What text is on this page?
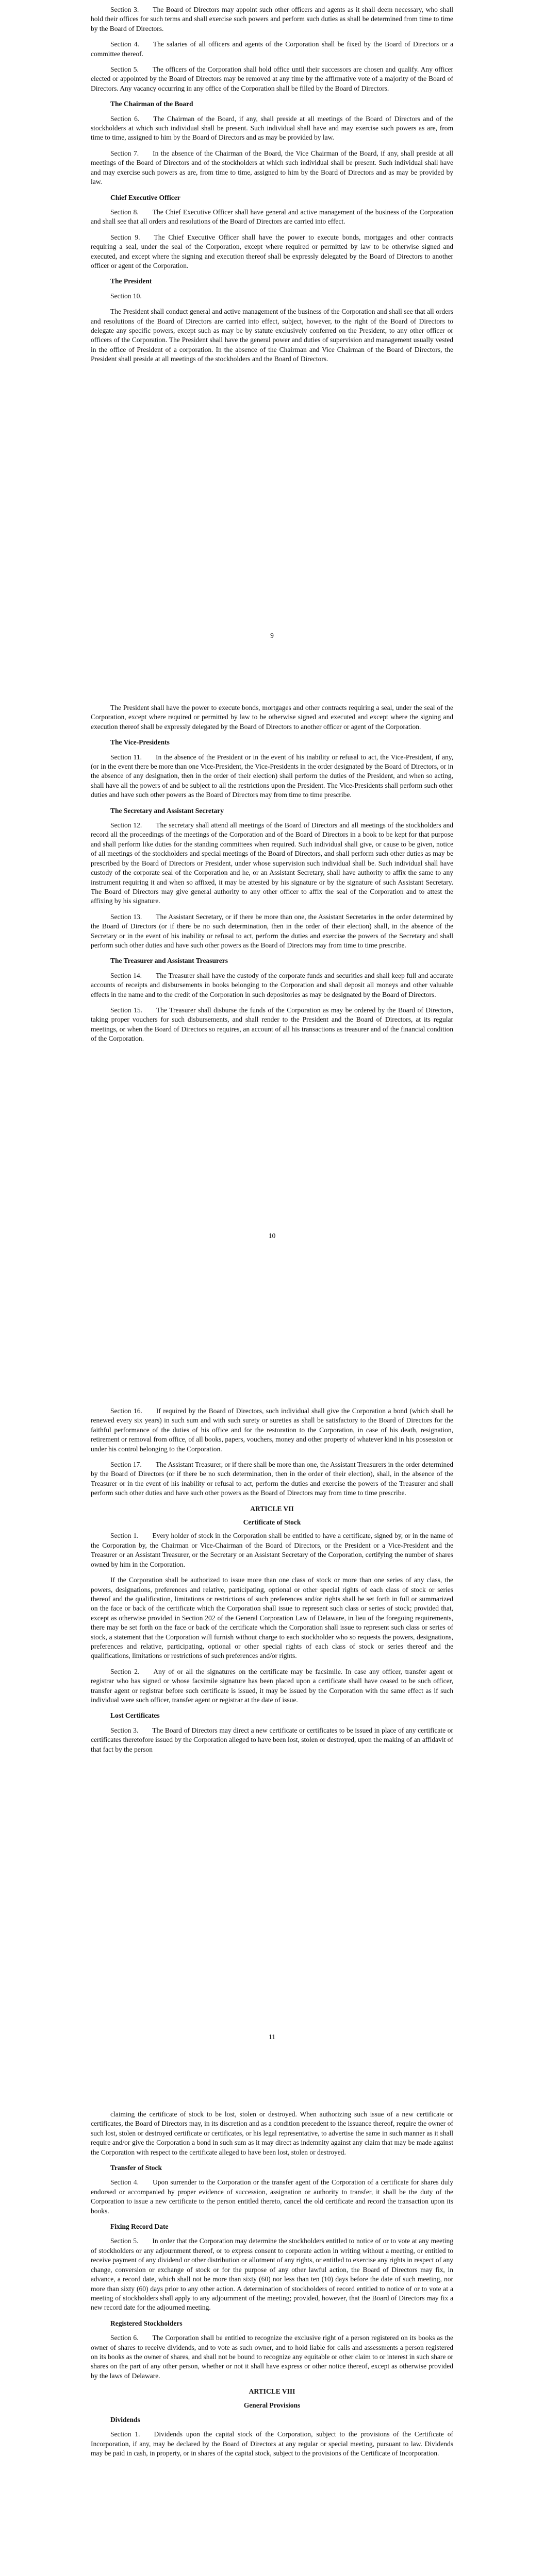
Section 3.  The Board of Directors may appoint such other officers and agents as it shall deem necessary, who shall hold their offices for such terms and shall exercise such powers and perform such duties as shall be determined from time to time by the Board of Directors.

Section 4.  The salaries of all officers and agents of the Corporation shall be fixed by the Board of Directors or a committee thereof.

Section 5.  The officers of the Corporation shall hold office until their successors are chosen and qualify. Any officer elected or appointed by the Board of Directors may be removed at any time by the affirmative vote of a majority of the Board of Directors. Any vacancy occurring in any office of the Corporation shall be filled by the Board of Directors.

The Chairman of the Board

Section 6.  The Chairman of the Board, if any, shall preside at all meetings of the Board of Directors and of the stockholders at which such individual shall be present. Such individual shall have and may exercise such powers as are, from time to time, assigned to him by the Board of Directors and as may be provided by law.

Section 7.  In the absence of the Chairman of the Board, the Vice Chairman of the Board, if any, shall preside at all meetings of the Board of Directors and of the stockholders at which such individual shall be present. Such individual shall have and may exercise such powers as are, from time to time, assigned to him by the Board of Directors and as may be provided by law.

Chief Executive Officer

Section 8.  The Chief Executive Officer shall have general and active management of the business of the Corporation and shall see that all orders and resolutions of the Board of Directors are carried into effect.

Section 9.  The Chief Executive Officer shall have the power to execute bonds, mortgages and other contracts requiring a seal, under the seal of the Corporation, except where required or permitted by law to be otherwise signed and executed, and except where the signing and execution thereof shall be expressly delegated by the Board of Directors to another officer or agent of the Corporation.

The President

Section 10.

The President shall conduct general and active management of the business of the Corporation and shall see that all orders and resolutions of the Board of Directors are carried into effect, subject, however, to the right of the Board of Directors to delegate any specific powers, except such as may be by statute exclusively conferred on the President, to any other officer or officers of the Corporation. The President shall have the general power and duties of supervision and management usually vested in the office of President of a corporation. In the absence of the Chairman and Vice Chairman of the Board of Directors, the President shall preside at all meetings of the stockholders and the Board of Directors.

9

The President shall have the power to execute bonds, mortgages and other contracts requiring a seal, under the seal of the Corporation, except where required or permitted by law to be otherwise signed and executed and except where the signing and execution thereof shall be expressly delegated by the Board of Directors to another officer or agent of the Corporation.

The Vice-Presidents

Section 11.  In the absence of the President or in the event of his inability or refusal to act, the Vice-President, if any, (or in the event there be more than one Vice-President, the Vice-Presidents in the order designated by the Board of Directors, or in the absence of any designation, then in the order of their election) shall perform the duties of the President, and when so acting, shall have all the powers of and be subject to all the restrictions upon the President. The Vice-Presidents shall perform such other duties and have such other powers as the Board of Directors may from time to time prescribe.

The Secretary and Assistant Secretary

Section 12.  The secretary shall attend all meetings of the Board of Directors and all meetings of the stockholders and record all the proceedings of the meetings of the Corporation and of the Board of Directors in a book to be kept for that purpose and shall perform like duties for the standing committees when required. Such individual shall give, or cause to be given, notice of all meetings of the stockholders and special meetings of the Board of Directors, and shall perform such other duties as may be prescribed by the Board of Directors or President, under whose supervision such individual shall be. Such individual shall have custody of the corporate seal of the Corporation and he, or an Assistant Secretary, shall have authority to affix the same to any instrument requiring it and when so affixed, it may be attested by his signature or by the signature of such Assistant Secretary. The Board of Directors may give general authority to any other officer to affix the seal of the Corporation and to attest the affixing by his signature.

Section 13.  The Assistant Secretary, or if there be more than one, the Assistant Secretaries in the order determined by the Board of Directors (or if there be no such determination, then in the order of their election) shall, in the absence of the Secretary or in the event of his inability or refusal to act, perform the duties and exercise the powers of the Secretary and shall perform such other duties and have such other powers as the Board of Directors may from time to time prescribe.

The Treasurer and Assistant Treasurers

Section 14.  The Treasurer shall have the custody of the corporate funds and securities and shall keep full and accurate accounts of receipts and disbursements in books belonging to the Corporation and shall deposit all moneys and other valuable effects in the name and to the credit of the Corporation in such depositories as may be designated by the Board of Directors.

Section 15.  The Treasurer shall disburse the funds of the Corporation as may be ordered by the Board of Directors, taking proper vouchers for such disbursements, and shall render to the President and the Board of Directors, at its regular meetings, or when the Board of Directors so requires, an account of all his transactions as treasurer and of the financial condition of the Corporation.

10

Section 16.  If required by the Board of Directors, such individual shall give the Corporation a bond (which shall be renewed every six years) in such sum and with such surety or sureties as shall be satisfactory to the Board of Directors for the faithful performance of the duties of his office and for the restoration to the Corporation, in case of his death, resignation, retirement or removal from office, of all books, papers, vouchers, money and other property of whatever kind in his possession or under his control belonging to the Corporation.

Section 17.  The Assistant Treasurer, or if there shall be more than one, the Assistant Treasurers in the order determined by the Board of Directors (or if there be no such determination, then in the order of their election), shall, in the absence of the Treasurer or in the event of his inability or refusal to act, perform the duties and exercise the powers of the Treasurer and shall perform such other duties and have such other powers as the Board of Directors may from time to time prescribe.

ARTICLE VII
Certificate of Stock

Section 1.  Every holder of stock in the Corporation shall be entitled to have a certificate, signed by, or in the name of the Corporation by, the Chairman or Vice-Chairman of the Board of Directors, or the President or a Vice-President and the Treasurer or an Assistant Treasurer, or the Secretary or an Assistant Secretary of the Corporation, certifying the number of shares owned by him in the Corporation.

If the Corporation shall be authorized to issue more than one class of stock or more than one series of any class, the powers, designations, preferences and relative, participating, optional or other special rights of each class of stock or series thereof and the qualification, limitations or restrictions of such preferences and/or rights shall be set forth in full or summarized on the face or back of the certificate which the Corporation shall issue to represent such class or series of stock; provided that, except as otherwise provided in Section 202 of the General Corporation Law of Delaware, in lieu of the foregoing requirements, there may be set forth on the face or back of the certificate which the Corporation shall issue to represent such class or series of stock, a statement that the Corporation will furnish without charge to each stockholder who so requests the powers, designations, preferences and relative, participating, optional or other special rights of each class of stock or series thereof and the qualifications, limitations or restrictions of such preferences and/or rights.

Section 2.  Any of or all the signatures on the certificate may be facsimile. In case any officer, transfer agent or registrar who has signed or whose facsimile signature has been placed upon a certificate shall have ceased to be such officer, transfer agent or registrar before such certificate is issued, it may be issued by the Corporation with the same effect as if such individual were such officer, transfer agent or registrar at the date of issue.

Lost Certificates

Section 3.  The Board of Directors may direct a new certificate or certificates to be issued in place of any certificate or certificates theretofore issued by the Corporation alleged to have been lost, stolen or destroyed, upon the making of an affidavit of that fact by the person

11

claiming the certificate of stock to be lost, stolen or destroyed. When authorizing such issue of a new certificate or certificates, the Board of Directors may, in its discretion and as a condition precedent to the issuance thereof, require the owner of such lost, stolen or destroyed certificate or certificates, or his legal representative, to advertise the same in such manner as it shall require and/or give the Corporation a bond in such sum as it may direct as indemnity against any claim that may be made against the Corporation with respect to the certificate alleged to have been lost, stolen or destroyed.

Transfer of Stock

Section 4.  Upon surrender to the Corporation or the transfer agent of the Corporation of a certificate for shares duly endorsed or accompanied by proper evidence of succession, assignation or authority to transfer, it shall be the duty of the Corporation to issue a new certificate to the person entitled thereto, cancel the old certificate and record the transaction upon its books.

Fixing Record Date

Section 5.  In order that the Corporation may determine the stockholders entitled to notice of or to vote at any meeting of stockholders or any adjournment thereof, or to express consent to corporate action in writing without a meeting, or entitled to receive payment of any dividend or other distribution or allotment of any rights, or entitled to exercise any rights in respect of any change, conversion or exchange of stock or for the purpose of any other lawful action, the Board of Directors may fix, in advance, a record date, which shall not be more than sixty (60) nor less than ten (10) days before the date of such meeting, nor more than sixty (60) days prior to any other action. A determination of stockholders of record entitled to notice of or to vote at a meeting of stockholders shall apply to any adjournment of the meeting; provided, however, that the Board of Directors may fix a new record date for the adjourned meeting.

Registered Stockholders

Section 6.  The Corporation shall be entitled to recognize the exclusive right of a person registered on its books as the owner of shares to receive dividends, and to vote as such owner, and to hold liable for calls and assessments a person registered on its books as the owner of shares, and shall not be bound to recognize any equitable or other claim to or interest in such share or shares on the part of any other person, whether or not it shall have express or other notice thereof, except as otherwise provided by the laws of Delaware.

ARTICLE VIII
General Provisions
Dividends

Section 1.  Dividends upon the capital stock of the Corporation, subject to the provisions of the Certificate of Incorporation, if any, may be declared by the Board of Directors at any regular or special meeting, pursuant to law. Dividends may be paid in cash, in property, or in shares of the capital stock, subject to the provisions of the Certificate of Incorporation.
